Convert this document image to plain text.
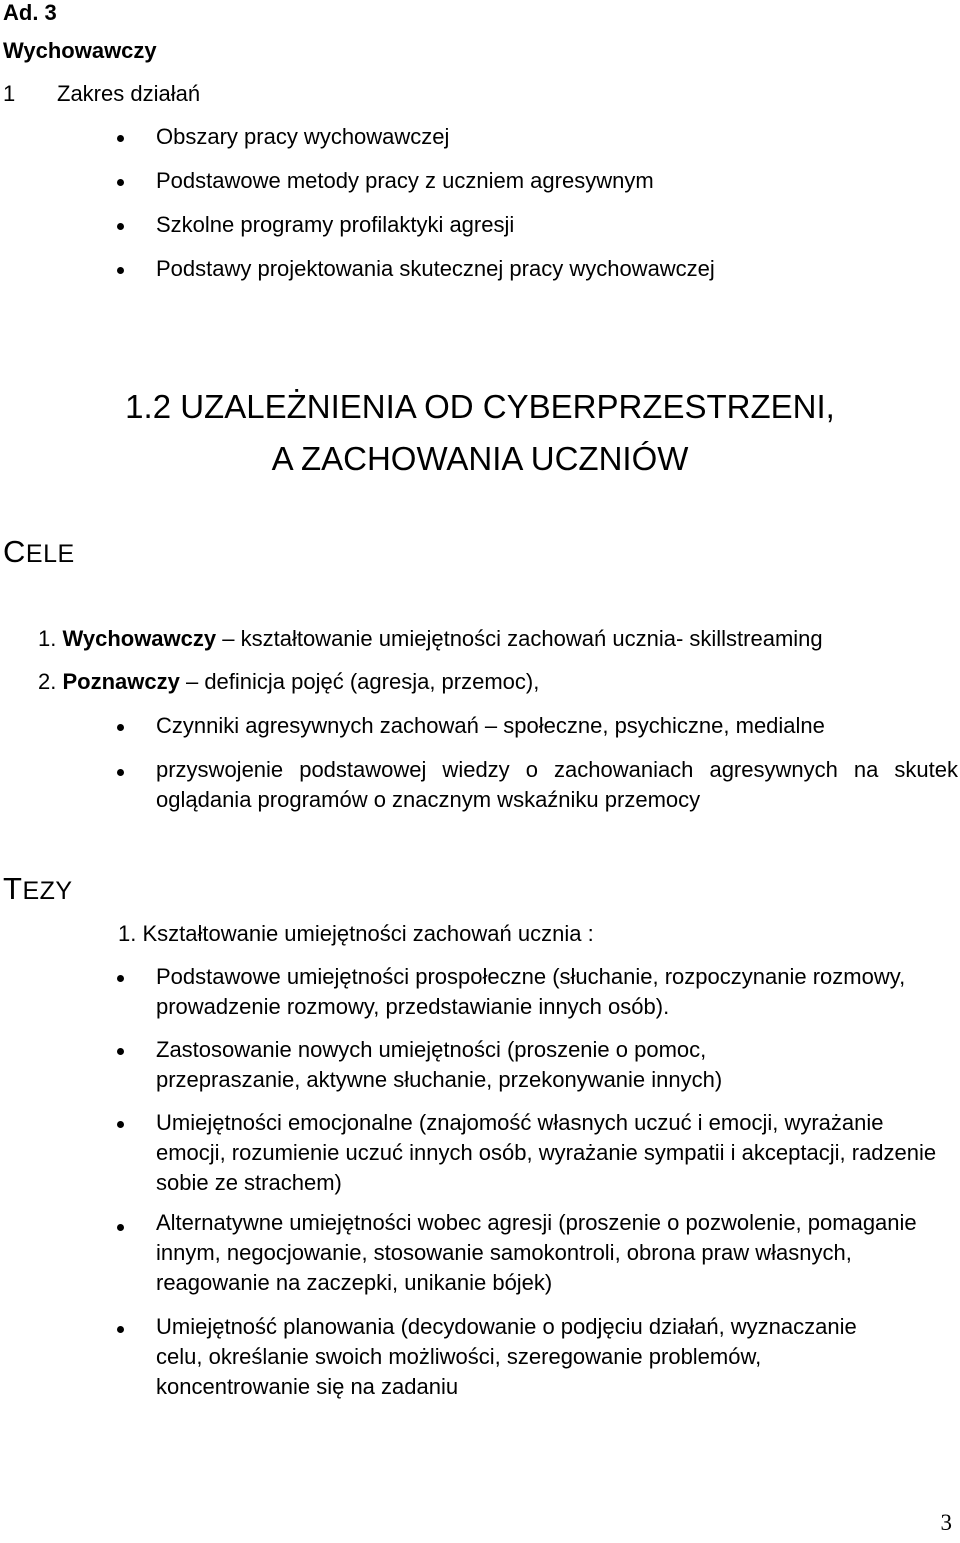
Ad. 3
Wychowawczy
1 Zakres działań
Obszary pracy wychowawczej
Podstawowe metody pracy z uczniem agresywnym
Szkolne programy profilaktyki agresji
Podstawy projektowania skutecznej pracy wychowawczej
1.2 UZALEŻNIENIA OD CYBERPRZESTRZENI,
A ZACHOWANIA UCZNIÓW
CELE
1. Wychowawczy – kształtowanie umiejętności zachowań ucznia- skillstreaming
2. Poznawczy – definicja pojęć (agresja, przemoc),
Czynniki agresywnych zachowań – społeczne, psychiczne, medialne
przyswojenie podstawowej wiedzy o zachowaniach agresywnych na skutek oglądania programów o znacznym wskaźniku przemocy
TEZY
1. Kształtowanie umiejętności zachowań ucznia :
Podstawowe umiejętności prospołeczne (słuchanie, rozpoczynanie rozmowy, prowadzenie rozmowy, przedstawianie innych osób).
Zastosowanie nowych umiejętności (proszenie o pomoc, przepraszanie, aktywne słuchanie, przekonywanie innych)
Umiejętności emocjonalne (znajomość własnych uczuć i emocji, wyrażanie emocji, rozumienie uczuć innych osób, wyrażanie sympatii i akceptacji, radzenie sobie ze strachem)
Alternatywne umiejętności wobec agresji (proszenie o pozwolenie, pomaganie innym, negocjowanie, stosowanie samokontroli, obrona praw własnych, reagowanie na zaczepki, unikanie bójek)
Umiejętność planowania (decydowanie o podjęciu działań, wyznaczanie celu, określanie swoich możliwości, szeregowanie problemów, koncentrowanie się na zadaniu
3
